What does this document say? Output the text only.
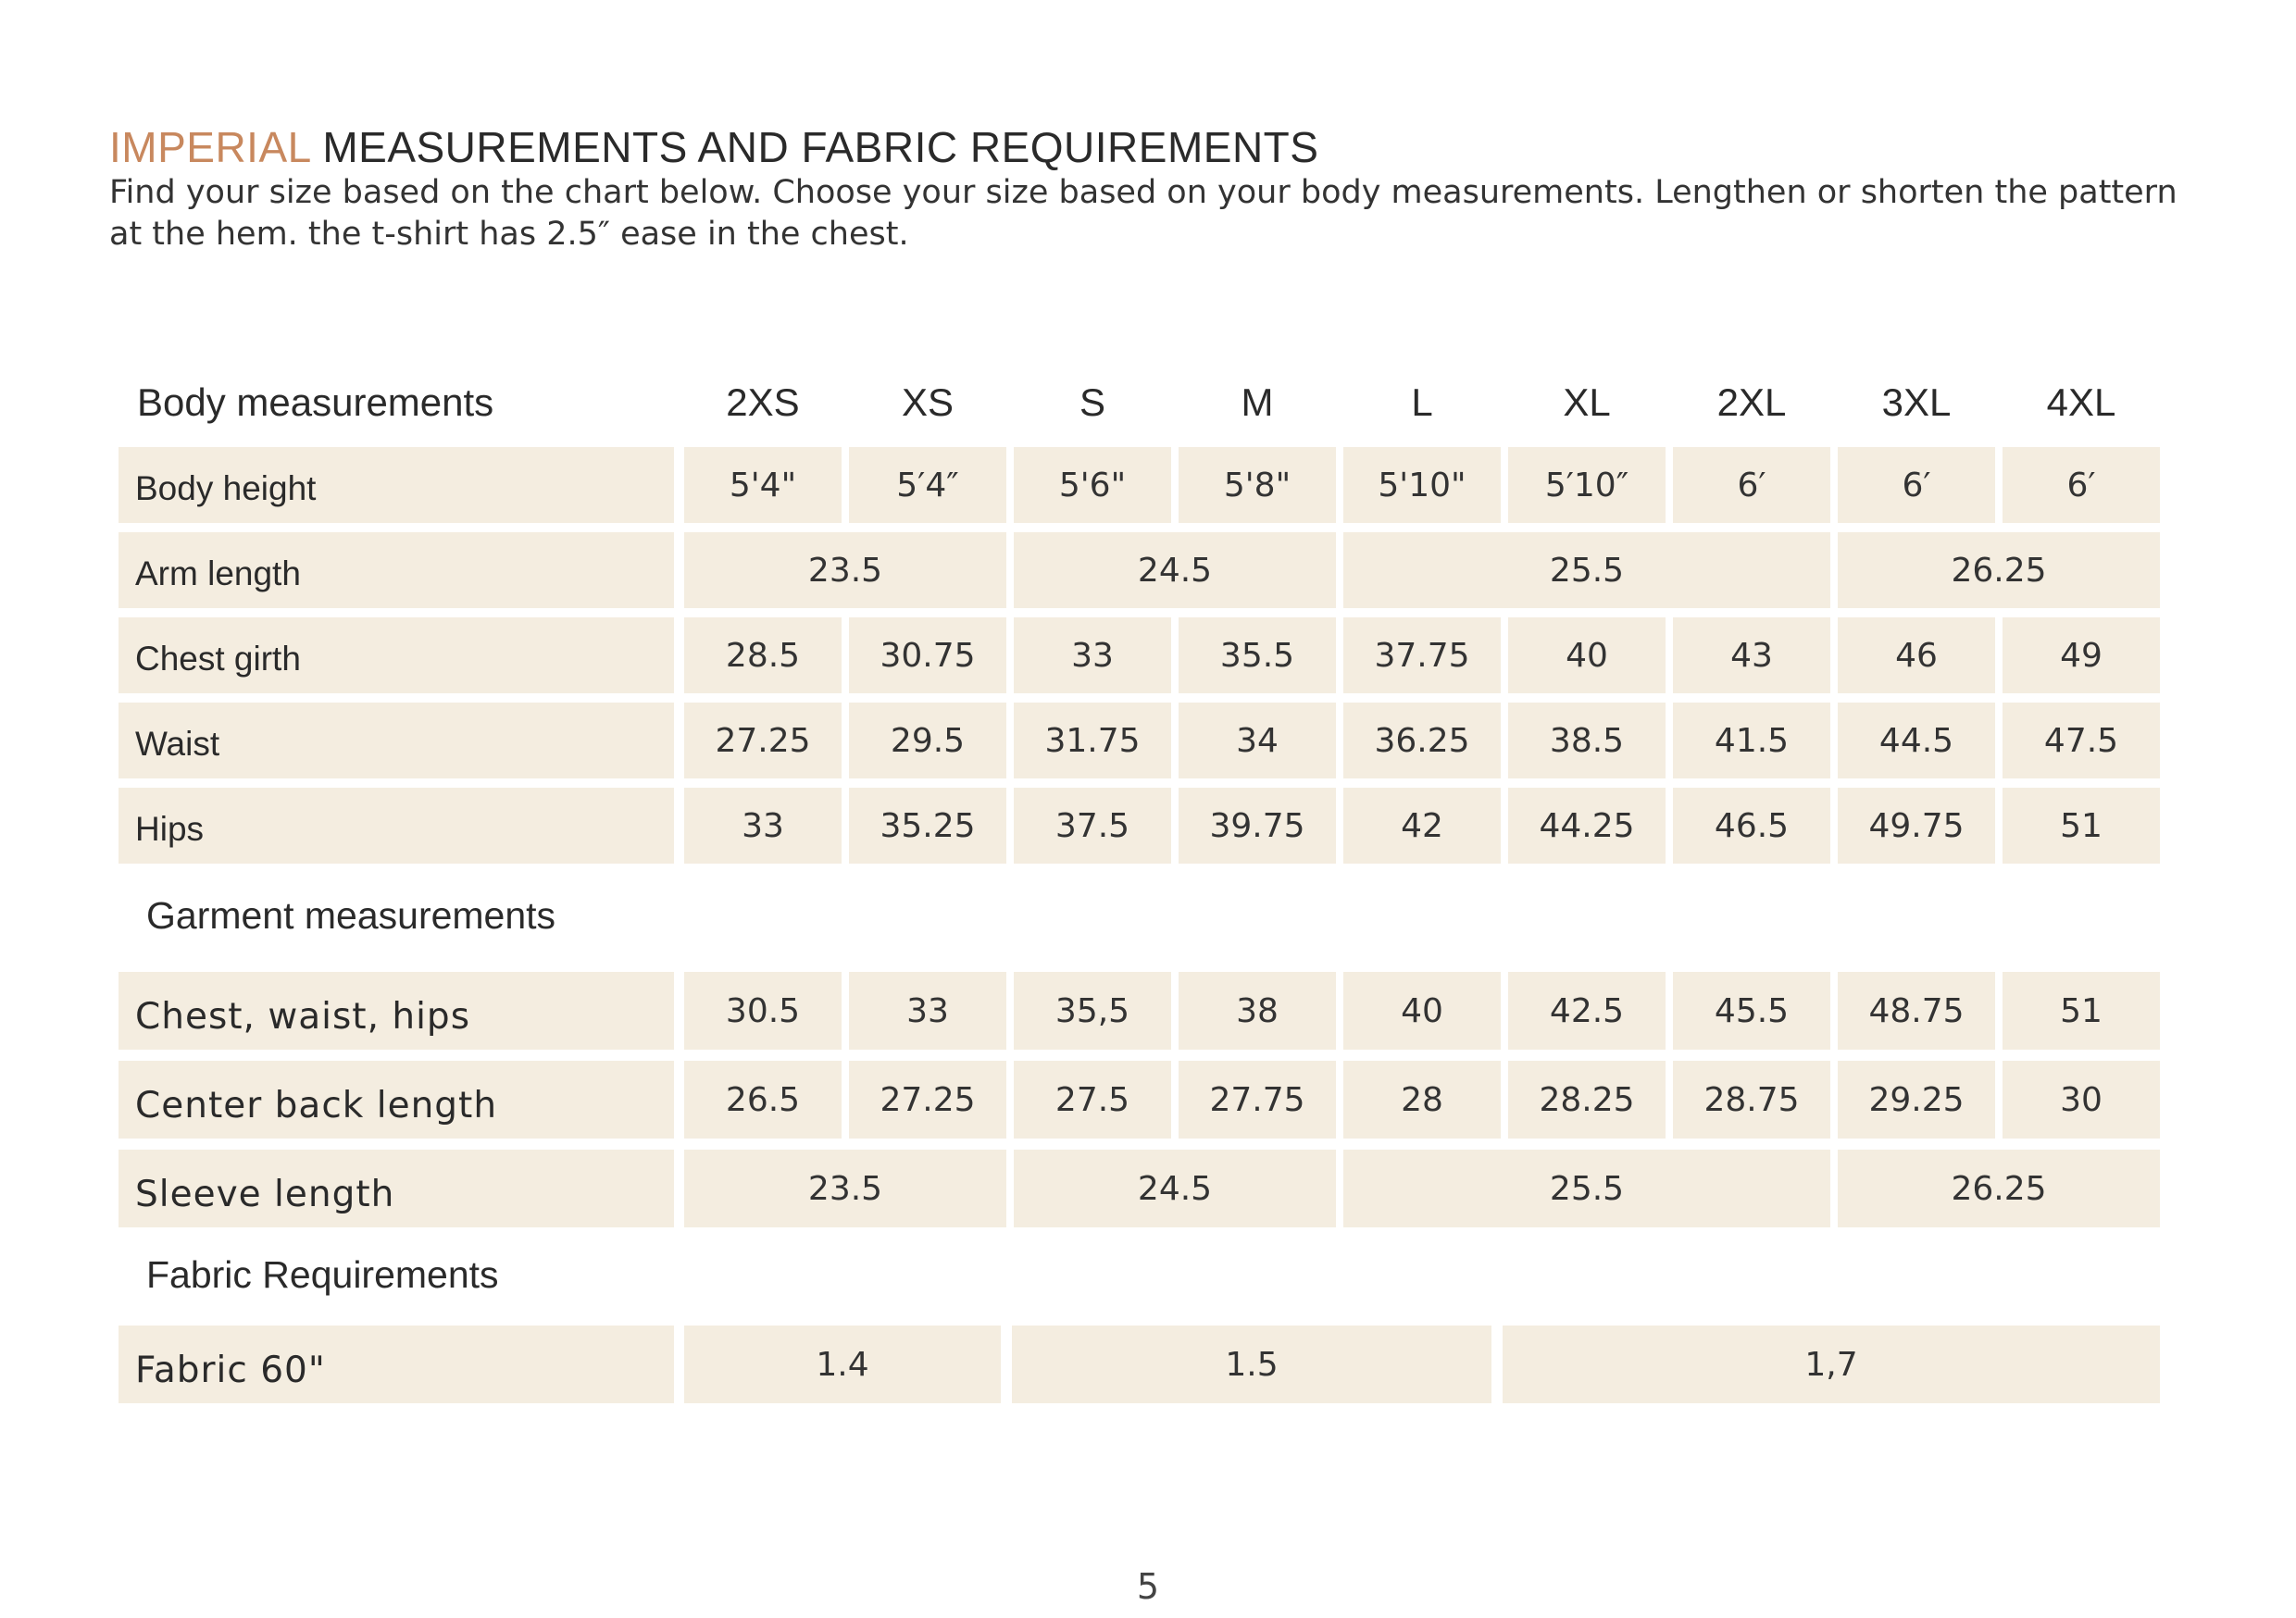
IMPERIAL MEASUREMENTS AND FABRIC REQUIREMENTS
Find your size based on the chart below. Choose your size based on your body measurements. Lengthen or shorten the pattern at the hem. the t-shirt has 2.5″ ease in the chest.
Body measurements	2XS	XS	S	M	L	XL	2XL	3XL	4XL
Body height	5'4"	5′4″	5'6"	5'8"	5'10"	5′10″	6′	6′	6′
Arm length	23.5	24.5	25.5	26.25
Chest girth	28.5	30.75	33	35.5	37.75	40	43	46	49
Waist	27.25	29.5	31.75	34	36.25	38.5	41.5	44.5	47.5
Hips	33	35.25	37.5	39.75	42	44.25	46.5	49.75	51
Garment measurements
Chest, waist, hips	30.5	33	35,5	38	40	42.5	45.5	48.75	51
Center back length	26.5	27.25	27.5	27.75	28	28.25	28.75	29.25	30
Sleeve length	23.5	24.5	25.5	26.25
Fabric Requirements
Fabric 60"	1.4	1.5	1,7
5
